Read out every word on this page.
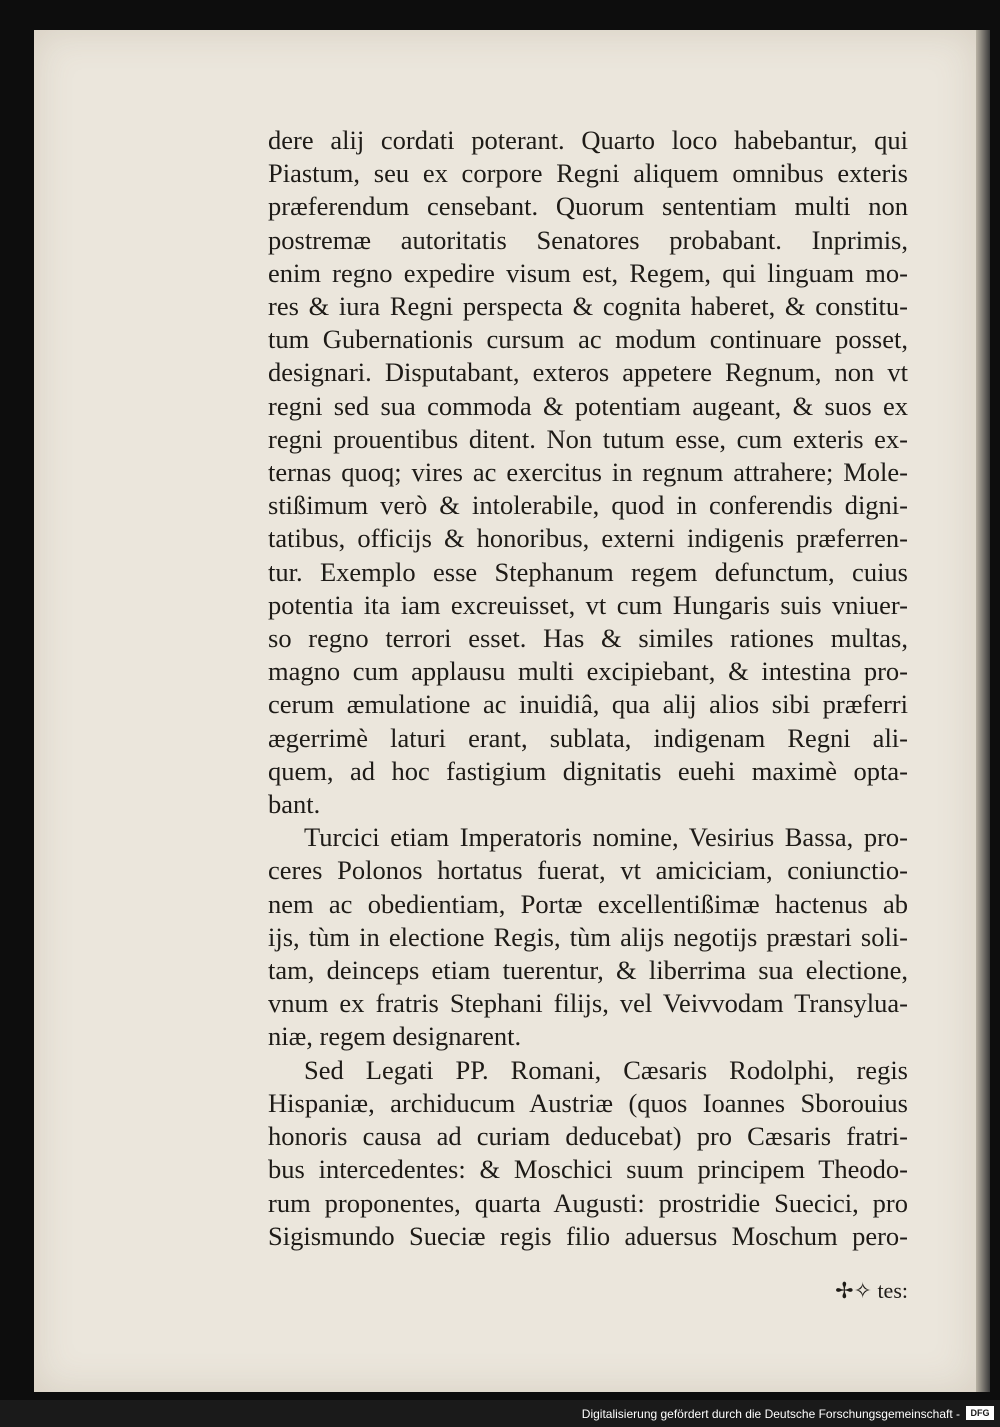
dere alij cordati poterant. Quarto loco habebantur, qui
Piastum, seu ex corpore Regni aliquem omnibus exteris
præferendum censebant. Quorum sententiam multi non
postremæ autoritatis Senatores probabant. Inprimis,
enim regno expedire visum est, Regem, qui linguam mo-
res & iura Regni perspecta & cognita haberet, & constitu-
tum Gubernationis cursum ac modum continuare posset,
designari. Disputabant, exteros appetere Regnum, non vt
regni sed sua commoda & potentiam augeant, & suos ex
regni prouentibus ditent. Non tutum esse, cum exteris ex-
ternas quoq; vires ac exercitus in regnum attrahere; Mole-
stißimum verò & intolerabile, quod in conferendis digni-
tatibus, officijs & honoribus, externi indigenis præferren-
tur. Exemplo esse Stephanum regem defunctum, cuius
potentia ita iam excreuisset, vt cum Hungaris suis vniuer-
so regno terrori esset. Has & similes rationes multas,
magno cum applausu multi excipiebant, & intestina pro-
cerum æmulatione ac inuidiâ, qua alij alios sibi præferri
ægerrimè laturi erant, sublata, indigenam Regni ali-
quem, ad hoc fastigium dignitatis euehi maximè opta-
bant.
Turcici etiam Imperatoris nomine, Vesirius Bassa, pro-
ceres Polonos hortatus fuerat, vt amiciciam, coniunctio-
nem ac obedientiam, Portæ excellentißimæ hactenus ab
ijs, tùm in electione Regis, tùm alijs negotijs præstari soli-
tam, deinceps etiam tuerentur, & liberrima sua electione,
vnum ex fratris Stephani filijs, vel Veivvodam Transylua-
niæ, regem designarent.
Sed Legati PP. Romani, Cæsaris Rodolphi, regis
Hispaniæ, archiducum Austriæ (quos Ioannes Sborouius
honoris causa ad curiam deducebat) pro Cæsaris fratri-
bus intercedentes: & Moschici suum principem Theodo-
rum proponentes, quarta Augusti: prostridie Suecici, pro
Sigismundo Sueciæ regis filio aduersus Moschum pero-
✢✧ tes:
Digitalisierung gefördert durch die Deutsche Forschungsgemeinschaft -	DFG
